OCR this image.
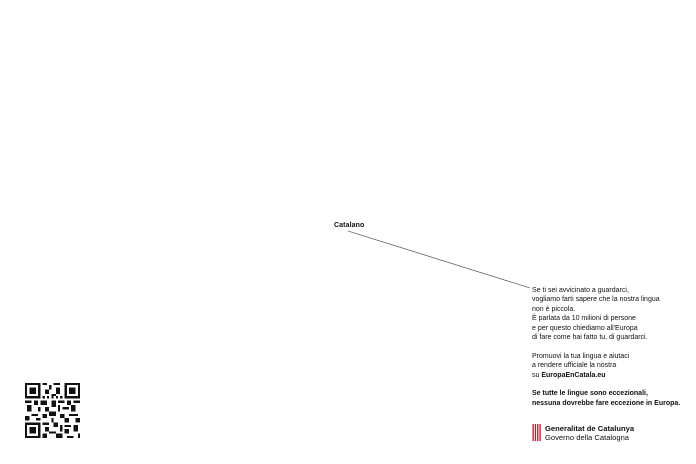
Catalano

Se ti sei avvicinato a guardarci,

vogliamo farti sapere che la nostra lingua

non è piccola.

È parlata da 10 milioni di persone

e per questo chiediamo all'Europa

di fare come hai fatto tu, di guardarci.

Promuovi la tua lingua e aiutaci

a rendere ufficiale la nostra

su EuropaEnCatala.eu

Se tutte le lingue sono eccezionali,

nessuna dovrebbe fare eccezione in Europa.

Generalitat de Catalunya
Governo della Catalogna
